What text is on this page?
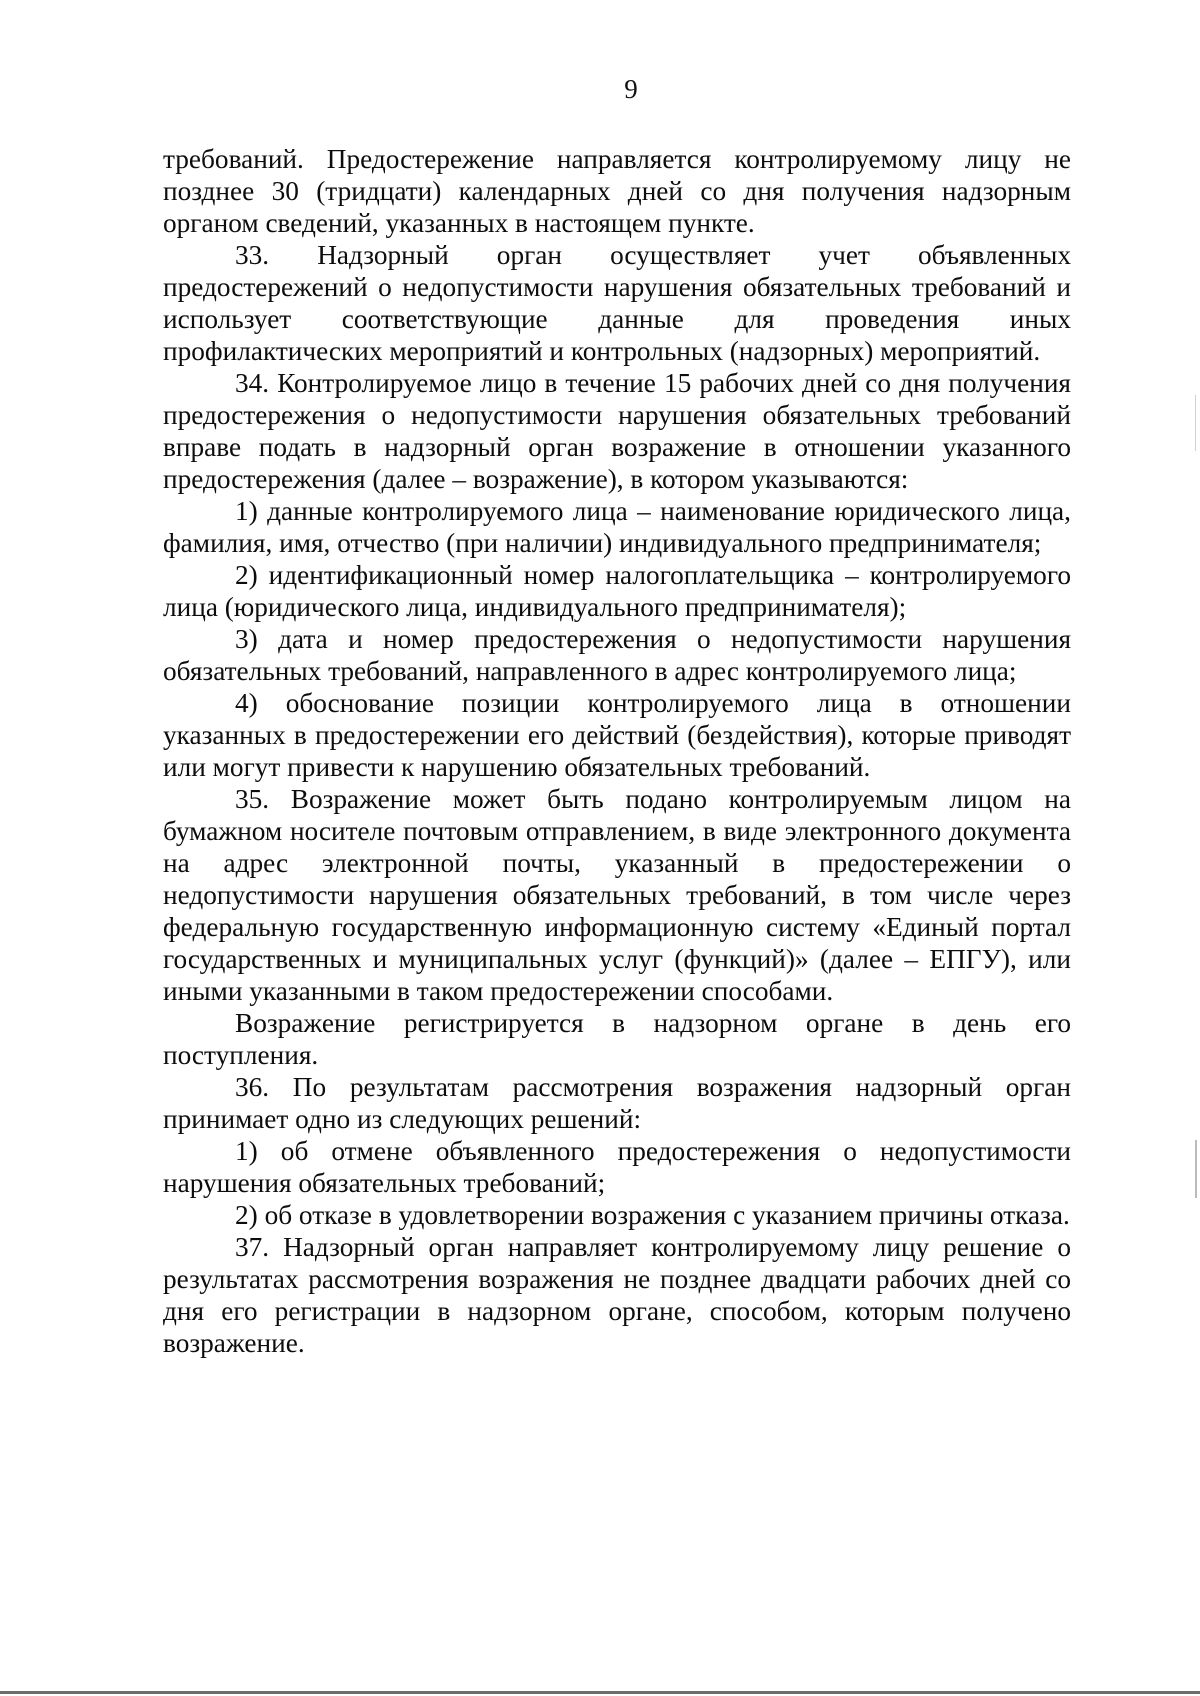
9

требований. Предостережение направляется контролируемому лицу не позднее 30 (тридцати) календарных дней со дня получения надзорным органом сведений, указанных в настоящем пункте.

33. Надзорный орган осуществляет учет объявленных предостережений о недопустимости нарушения обязательных требований и использует соответствующие данные для проведения иных профилактических мероприятий и контрольных (надзорных) мероприятий.

34. Контролируемое лицо в течение 15 рабочих дней со дня получения предостережения о недопустимости нарушения обязательных требований вправе подать в надзорный орган возражение в отношении указанного предостережения (далее – возражение), в котором указываются:

1) данные контролируемого лица – наименование юридического лица, фамилия, имя, отчество (при наличии) индивидуального предпринимателя;

2) идентификационный номер налогоплательщика – контролируемого лица (юридического лица, индивидуального предпринимателя);

3) дата и номер предостережения о недопустимости нарушения обязательных требований, направленного в адрес контролируемого лица;

4) обоснование позиции контролируемого лица в отношении указанных в предостережении его действий (бездействия), которые приводят или могут привести к нарушению обязательных требований.

35. Возражение может быть подано контролируемым лицом на бумажном носителе почтовым отправлением, в виде электронного документа на адрес электронной почты, указанный в предостережении о недопустимости нарушения обязательных требований, в том числе через федеральную государственную информационную систему «Единый портал государственных и муниципальных услуг (функций)» (далее – ЕПГУ), или иными указанными в таком предостережении способами.

Возражение регистрируется в надзорном органе в день его поступления.

36. По результатам рассмотрения возражения надзорный орган принимает одно из следующих решений:

1) об отмене объявленного предостережения о недопустимости нарушения обязательных требований;

2) об отказе в удовлетворении возражения с указанием причины отказа.

37. Надзорный орган направляет контролируемому лицу решение о результатах рассмотрения возражения не позднее двадцати рабочих дней со дня его регистрации в надзорном органе, способом, которым получено возражение.
